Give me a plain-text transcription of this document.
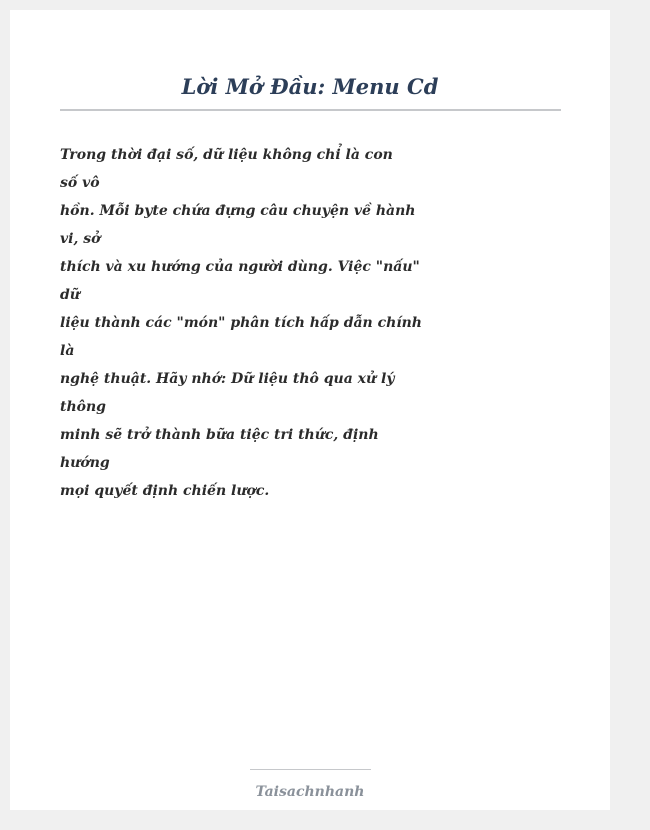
Lời Mở Đầu: Menu Cd
Trong thời đại số, dữ liệu không chỉ là con
số vô
hồn. Mỗi byte chứa đựng câu chuyện về hành
vi, sở
thích và xu hướng của người dùng. Việc "nấu"
dữ
liệu thành các "món" phân tích hấp dẫn chính
là
nghệ thuật. Hãy nhớ: Dữ liệu thô qua xử lý
thông
minh sẽ trở thành bữa tiệc tri thức, định
hướng
mọi quyết định chiến lược.
Taisachnhanh
